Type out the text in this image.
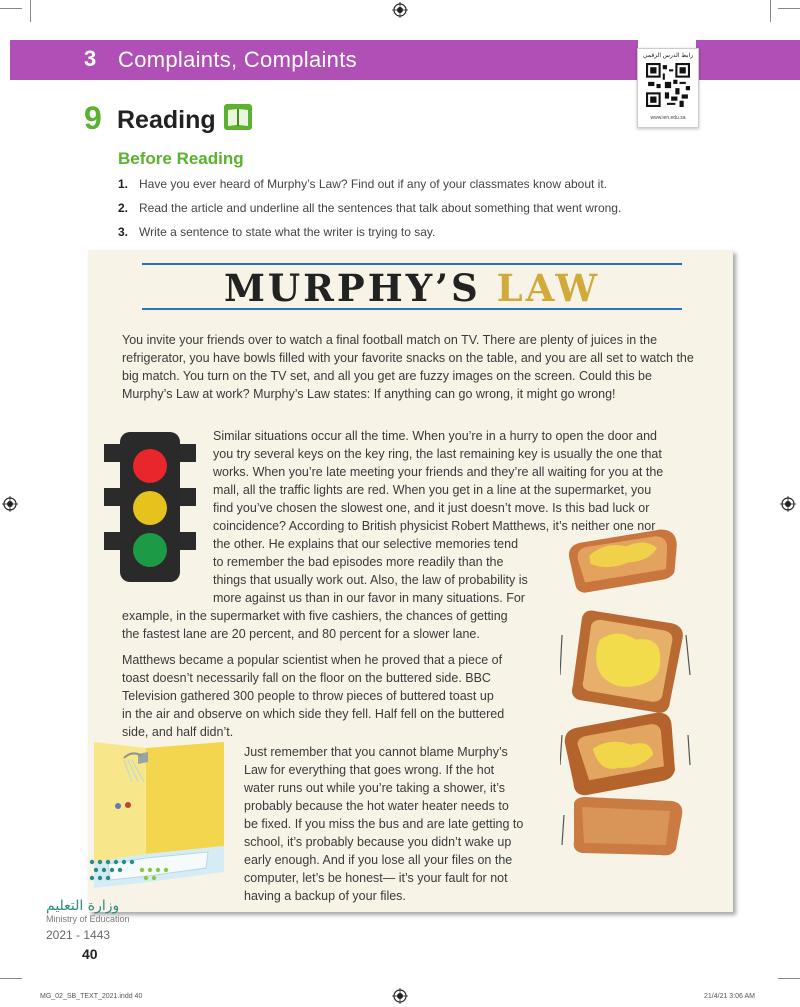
3 Complaints, Complaints	رابط الدرس الرقمي
www.ien.edu.sa
9 Reading
Before Reading
1. Have you ever heard of Murphy’s Law? Find out if any of your classmates know about it.
2. Read the article and underline all the sentences that talk about something that went wrong.
3. Write a sentence to state what the writer is trying to say.
MURPHY’S LAW

You invite your friends over to watch a final football match on TV. There are plenty of juices in the refrigerator, you have bowls filled with your favorite snacks on the table, and you are all set to watch the big match. You turn on the TV set, and all you get are fuzzy images on the screen. Could this be Murphy’s Law at work? Murphy’s Law states: If anything can go wrong, it might go wrong!

Similar situations occur all the time. When you’re in a hurry to open the door and
you try several keys on the key ring, the last remaining key is usually the one that
works. When you’re late meeting your friends and they’re all waiting for you at the
mall, all the traffic lights are red. When you get in a line at the supermarket, you
find you’ve chosen the slowest one, and it just doesn’t move. Is this bad luck or
coincidence? According to British physicist Robert Matthews, it’s neither one nor
the other. He explains that our selective memories tend
to remember the bad episodes more readily than the
things that usually work out. Also, the law of probability is
more against us than in our favor in many situations. For
example, in the supermarket with five cashiers, the chances of getting
the fastest lane are 20 percent, and 80 percent for a slower lane.
Matthews became a popular scientist when he proved that a piece of
toast doesn’t necessarily fall on the floor on the buttered side. BBC
Television gathered 300 people to throw pieces of buttered toast up
in the air and observe on which side they fell. Half fell on the buttered
side, and half didn’t.
Just remember that you cannot blame Murphy’s
Law for everything that goes wrong. If the hot
water runs out while you’re taking a shower, it’s
probably because the hot water heater needs to
be fixed. If you miss the bus and are late getting to
school, it’s probably because you didn’t wake up
early enough. And if you lose all your files on the
computer, let’s be honest— it’s your fault for not
having a backup of your files.
وزارة التعليم
Ministry of Education
2021 - 1443
40
MG_02_SB_TEXT_2021.indd 40	21/4/21 3:06 AM
